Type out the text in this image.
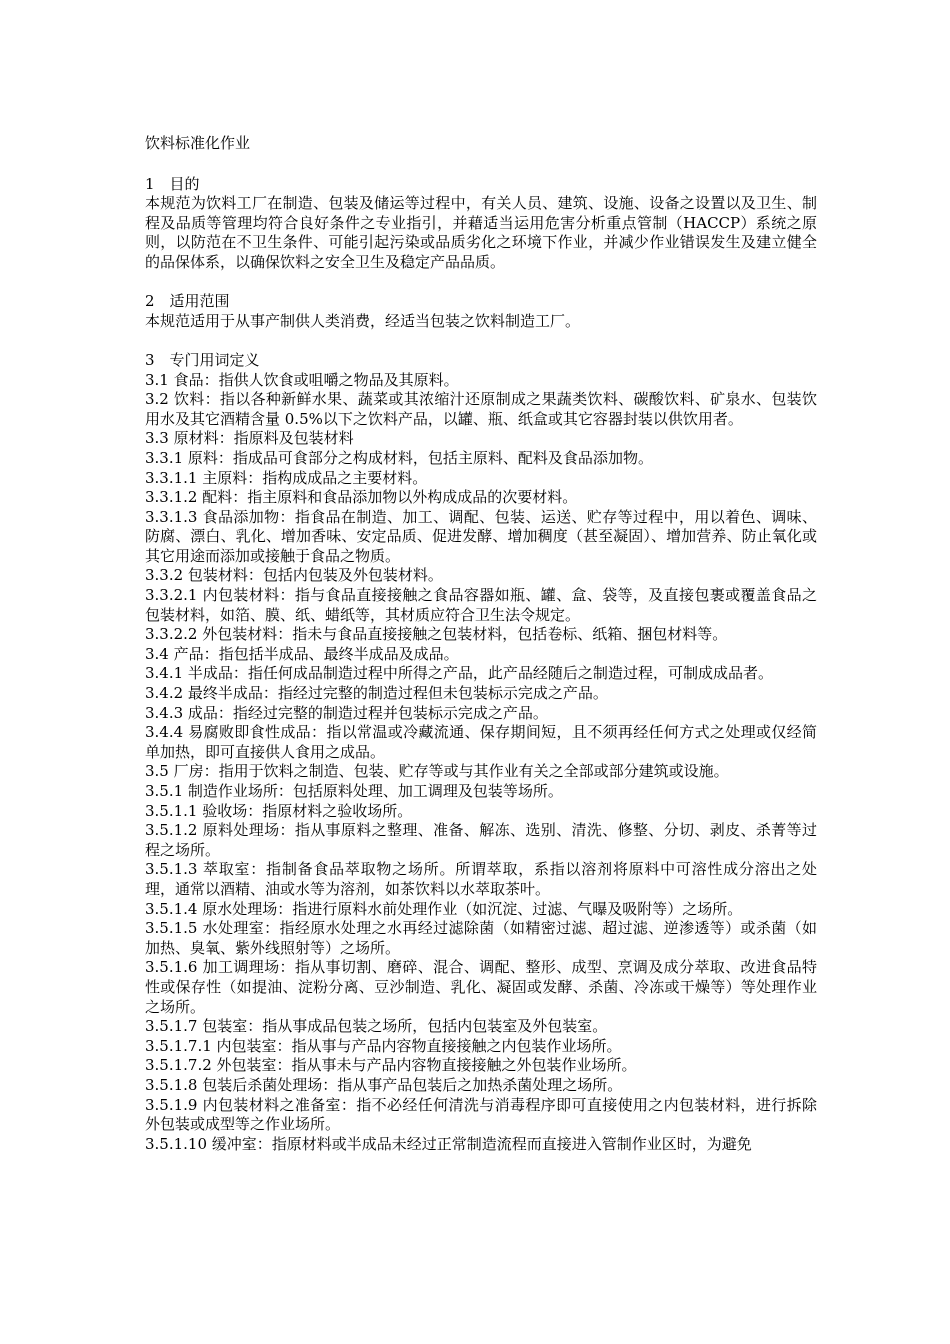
饮料标准化作业

1　目的

本规范为饮料工厂在制造、包装及储运等过程中，有关人员、建筑、设施、设备之设置以及卫生、制程及品质等管理均符合良好条件之专业指引，并藉适当运用危害分析重点管制（HACCP）系统之原则，以防范在不卫生条件、可能引起污染或品质劣化之环境下作业，并减少作业错误发生及建立健全的品保体系，以确保饮料之安全卫生及稳定产品品质。

2　适用范围

本规范适用于从事产制供人类消费，经适当包装之饮料制造工厂。

3　专门用词定义

3.1 食品：指供人饮食或咀嚼之物品及其原料。

3.2 饮料：指以各种新鲜水果、蔬菜或其浓缩汁还原制成之果蔬类饮料、碳酸饮料、矿泉水、包装饮用水及其它酒精含量 0.5%以下之饮料产品，以罐、瓶、纸盒或其它容器封装以供饮用者。

3.3 原材料：指原料及包装材料

3.3.1 原料：指成品可食部分之构成材料，包括主原料、配料及食品添加物。

3.3.1.1 主原料：指构成成品之主要材料。

3.3.1.2 配料：指主原料和食品添加物以外构成成品的次要材料。

3.3.1.3 食品添加物：指食品在制造、加工、调配、包装、运送、贮存等过程中，用以着色、调味、防腐、漂白、乳化、增加香味、安定品质、促进发酵、增加稠度（甚至凝固）、增加营养、防止氧化或其它用途而添加或接触于食品之物质。

3.3.2 包装材料：包括内包装及外包装材料。

3.3.2.1 内包装材料：指与食品直接接触之食品容器如瓶、罐、盒、袋等，及直接包裹或覆盖食品之包装材料，如箔、膜、纸、蜡纸等，其材质应符合卫生法令规定。

3.3.2.2 外包装材料：指未与食品直接接触之包装材料，包括卷标、纸箱、捆包材料等。

3.4 产品：指包括半成品、最终半成品及成品。

3.4.1 半成品：指任何成品制造过程中所得之产品，此产品经随后之制造过程，可制成成品者。

3.4.2 最终半成品：指经过完整的制造过程但未包装标示完成之产品。

3.4.3 成品：指经过完整的制造过程并包装标示完成之产品。

3.4.4 易腐败即食性成品：指以常温或冷藏流通、保存期间短，且不须再经任何方式之处理或仅经简单加热，即可直接供人食用之成品。

3.5 厂房：指用于饮料之制造、包装、贮存等或与其作业有关之全部或部分建筑或设施。

3.5.1 制造作业场所：包括原料处理、加工调理及包装等场所。

3.5.1.1 验收场：指原材料之验收场所。

3.5.1.2 原料处理场：指从事原料之整理、准备、解冻、选别、清洗、修整、分切、剥皮、杀菁等过程之场所。

3.5.1.3 萃取室：指制备食品萃取物之场所。所谓萃取，系指以溶剂将原料中可溶性成分溶出之处理，通常以酒精、油或水等为溶剂，如茶饮料以水萃取茶叶。

3.5.1.4 原水处理场：指进行原料水前处理作业（如沉淀、过滤、气曝及吸附等）之场所。

3.5.1.5 水处理室：指经原水处理之水再经过滤除菌（如精密过滤、超过滤、逆渗透等）或杀菌（如加热、臭氧、紫外线照射等）之场所。

3.5.1.6 加工调理场：指从事切割、磨碎、混合、调配、整形、成型、烹调及成分萃取、改进食品特性或保存性（如提油、淀粉分离、豆沙制造、乳化、凝固或发酵、杀菌、冷冻或干燥等）等处理作业之场所。

3.5.1.7 包装室：指从事成品包装之场所，包括内包装室及外包装室。

3.5.1.7.1 内包装室：指从事与产品内容物直接接触之内包装作业场所。

3.5.1.7.2 外包装室：指从事未与产品内容物直接接触之外包装作业场所。

3.5.1.8 包装后杀菌处理场：指从事产品包装后之加热杀菌处理之场所。

3.5.1.9 内包装材料之准备室：指不必经任何清洗与消毒程序即可直接使用之内包装材料，进行拆除外包装或成型等之作业场所。

3.5.1.10 缓冲室：指原材料或半成品未经过正常制造流程而直接进入管制作业区时，为避免
